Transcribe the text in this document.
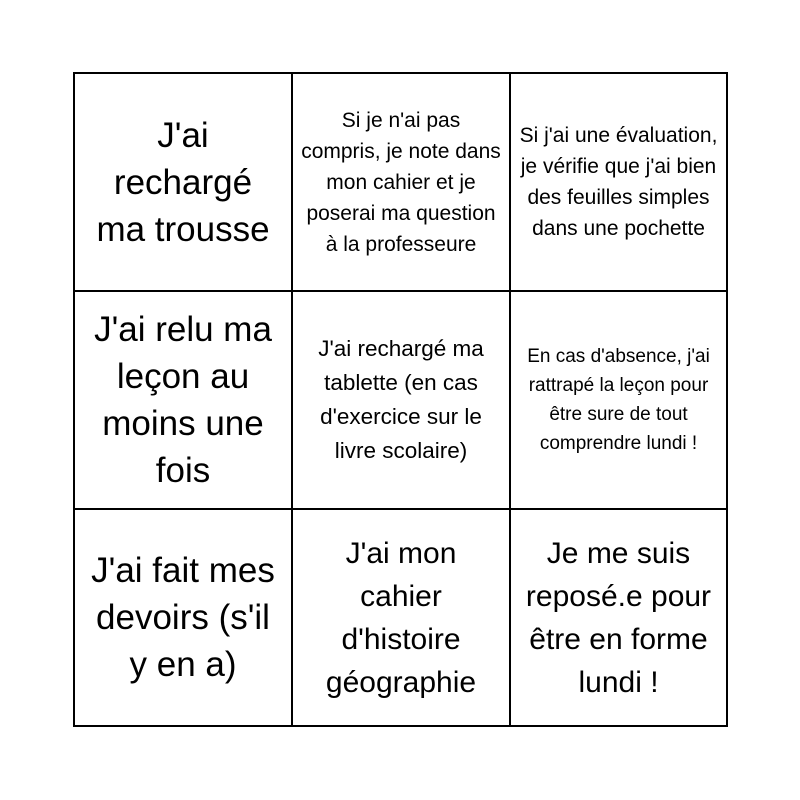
J'ai rechargé ma trousse
Si je n'ai pas compris, je note dans mon cahier et je poserai ma question à la professeure
Si j'ai une évaluation, je vérifie que j'ai bien des feuilles simples dans une pochette
J'ai relu ma leçon au moins une fois
J'ai rechargé ma tablette (en cas d'exercice sur le livre scolaire)
En cas d'absence, j'ai rattrapé la leçon pour être sure de tout comprendre lundi !
J'ai fait mes devoirs (s'il y en a)
J'ai mon cahier d'histoire géographie
Je me suis reposé.e pour être en forme lundi !
